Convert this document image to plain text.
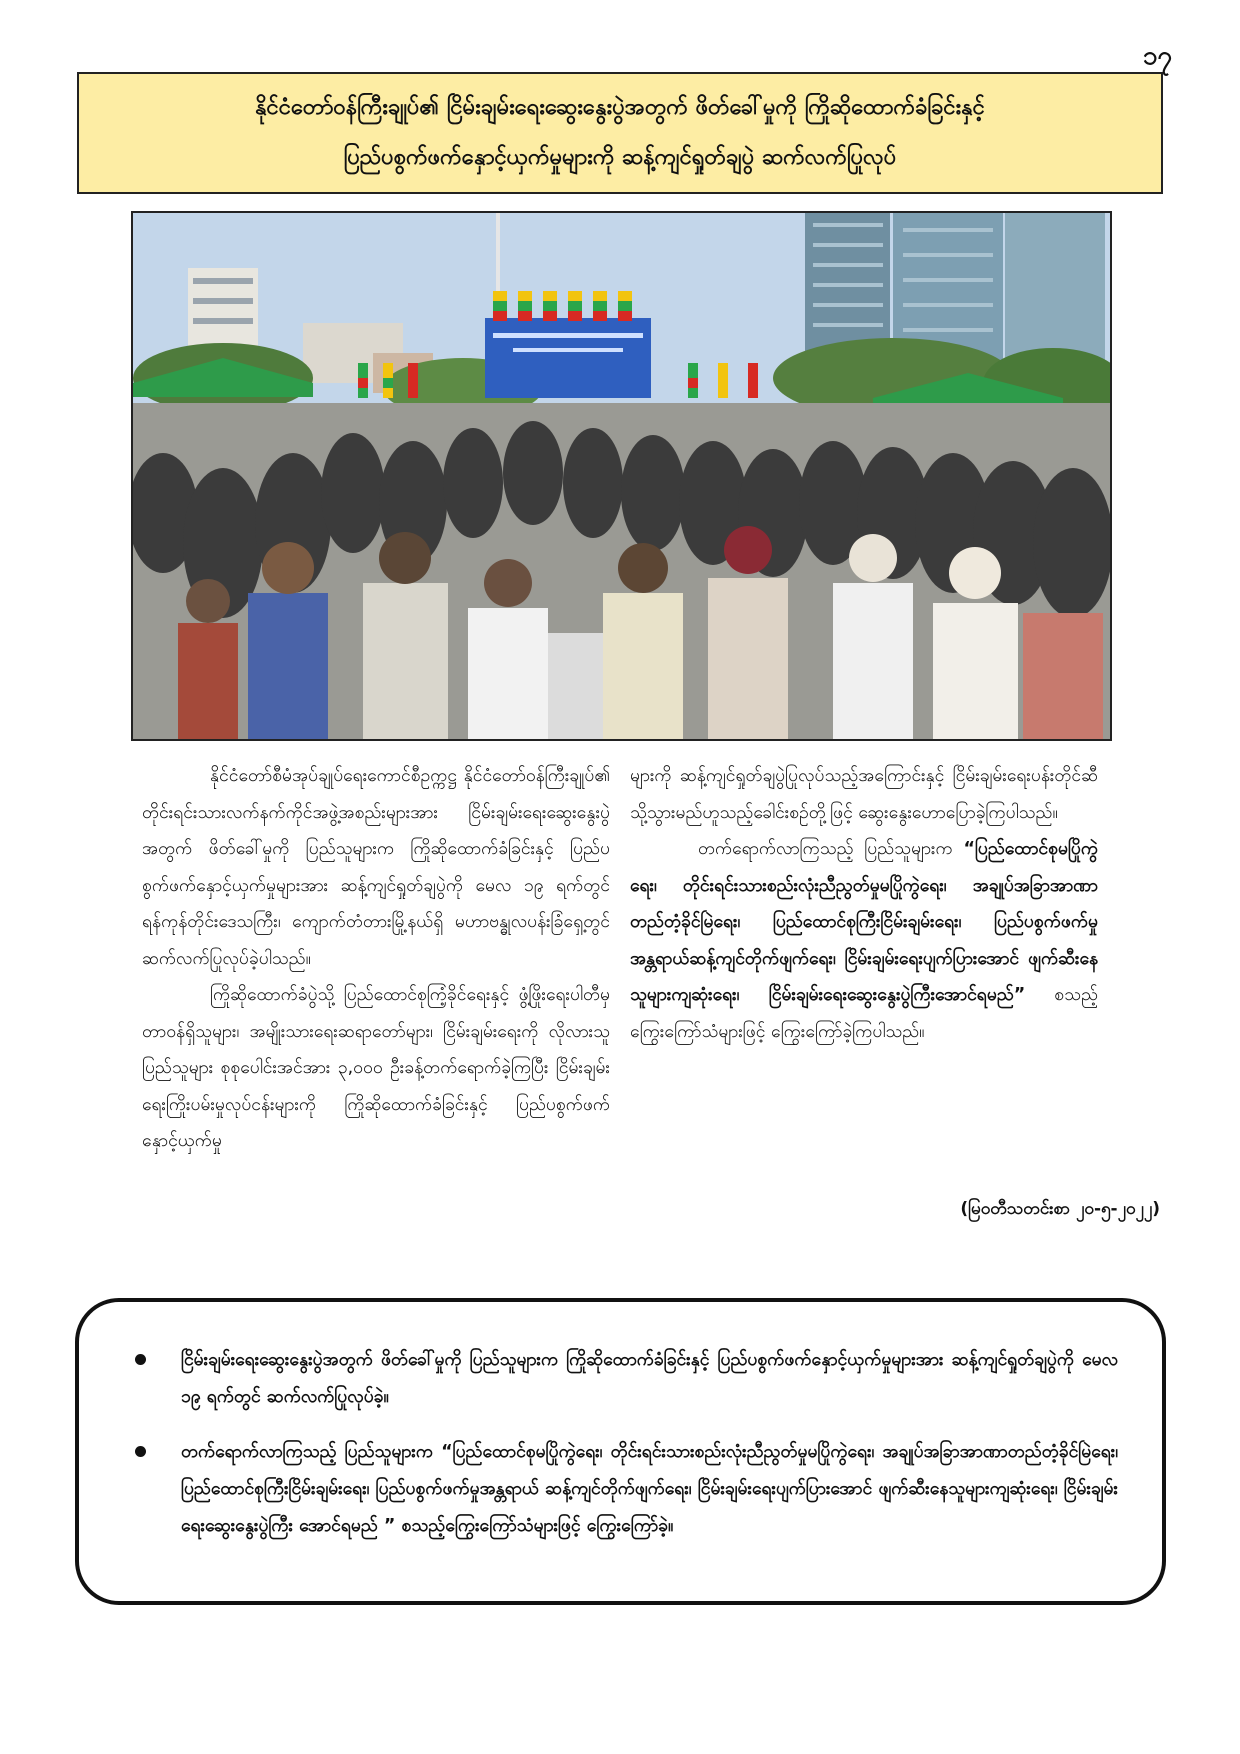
၁၇
နိုင်ငံတော်ဝန်ကြီးချုပ်၏ ငြိမ်းချမ်းရေးဆွေးနွေးပွဲအတွက် ဖိတ်ခေါ်မှုကို ကြိုဆိုထောက်ခံခြင်းနှင့်
ပြည်ပစွက်ဖက်နှောင့်ယှက်မှုများကို ဆန့်ကျင်ရှုတ်ချပွဲ ဆက်လက်ပြုလုပ်

နိုင်ငံတော်စီမံအုပ်ချုပ်ရေးကောင်စီဥက္ကဋ္ဌ နိုင်ငံတော်ဝန်ကြီးချုပ်၏ တိုင်းရင်းသားလက်နက်ကိုင်အဖွဲ့အစည်းများအား ငြိမ်းချမ်းရေးဆွေးနွေးပွဲအတွက် ဖိတ်ခေါ်မှုကို ပြည်သူများက ကြိုဆိုထောက်ခံခြင်းနှင့် ပြည်ပစွက်ဖက်နှောင့်ယှက်မှုများအား ဆန့်ကျင်ရှုတ်ချပွဲကို မေလ ၁၉ ရက်တွင် ရန်ကုန်တိုင်းဒေသကြီး၊ ကျောက်တံတားမြို့နယ်ရှိ မဟာဗန္ဓုလပန်းခြံရှေ့တွင် ဆက်လက်ပြုလုပ်ခဲ့ပါသည်။

ကြိုဆိုထောက်ခံပွဲသို့ ပြည်ထောင်စုကြံ့ခိုင်ရေးနှင့် ဖွံ့ဖြိုးရေးပါတီမှ တာဝန်ရှိသူများ၊ အမျိုးသားရေးဆရာတော်များ၊ ငြိမ်းချမ်းရေးကို လိုလားသူပြည်သူများ စုစုပေါင်းအင်အား ၃,၀၀၀ ဦးခန့်တက်ရောက်ခဲ့ကြပြီး ငြိမ်းချမ်းရေးကြိုးပမ်းမှုလုပ်ငန်းများကို ကြိုဆိုထောက်ခံခြင်းနှင့် ပြည်ပစွက်ဖက်နှောင့်ယှက်မှု

များကို ဆန့်ကျင်ရှုတ်ချပွဲပြုလုပ်သည့်အကြောင်းနှင့် ငြိမ်းချမ်းရေးပန်းတိုင်ဆီသို့သွားမည်ဟူသည့်ခေါင်းစဉ်တို့ဖြင့် ဆွေးနွေးဟောပြောခဲ့ကြပါသည်။

တက်ရောက်လာကြသည့် ပြည်သူများက “ပြည်ထောင်စုမပြိုကွဲရေး၊ တိုင်းရင်းသားစည်းလုံးညီညွတ်မှုမပြိုကွဲရေး၊ အချုပ်အခြာအာဏာတည်တံ့ခိုင်မြဲရေး၊ ပြည်ထောင်စုကြီးငြိမ်းချမ်းရေး၊ ပြည်ပစွက်ဖက်မှုအန္တရာယ်ဆန့်ကျင်တိုက်ဖျက်ရေး၊ ငြိမ်းချမ်းရေးပျက်ပြားအောင် ဖျက်ဆီးနေသူများကျဆုံးရေး၊ ငြိမ်းချမ်းရေးဆွေးနွေးပွဲကြီးအောင်ရမည်” စသည့်ကြွေးကြော်သံများဖြင့် ကြွေးကြော်ခဲ့ကြပါသည်။

(မြဝတီသတင်းစာ ၂၀-၅-၂၀၂၂)
ငြိမ်းချမ်းရေးဆွေးနွေးပွဲအတွက် ဖိတ်ခေါ်မှုကို ပြည်သူများက ကြိုဆိုထောက်ခံခြင်းနှင့် ပြည်ပစွက်ဖက်နှောင့်ယှက်မှုများအား ဆန့်ကျင်ရှုတ်ချပွဲကို မေလ ၁၉ ရက်တွင် ဆက်လက်ပြုလုပ်ခဲ့။
တက်ရောက်လာကြသည့် ပြည်သူများက “ပြည်ထောင်စုမပြိုကွဲရေး၊ တိုင်းရင်းသားစည်းလုံးညီညွတ်မှုမပြိုကွဲရေး၊ အချုပ်အခြာအာဏာတည်တံ့ခိုင်မြဲရေး၊ ပြည်ထောင်စုကြီးငြိမ်းချမ်းရေး၊ ပြည်ပစွက်ဖက်မှုအန္တရာယ် ဆန့်ကျင်တိုက်ဖျက်ရေး၊ ငြိမ်းချမ်းရေးပျက်ပြားအောင် ဖျက်ဆီးနေသူများကျဆုံးရေး၊ ငြိမ်းချမ်းရေးဆွေးနွေးပွဲကြီး အောင်ရမည် ” စသည့်ကြွေးကြော်သံများဖြင့် ကြွေးကြော်ခဲ့။
